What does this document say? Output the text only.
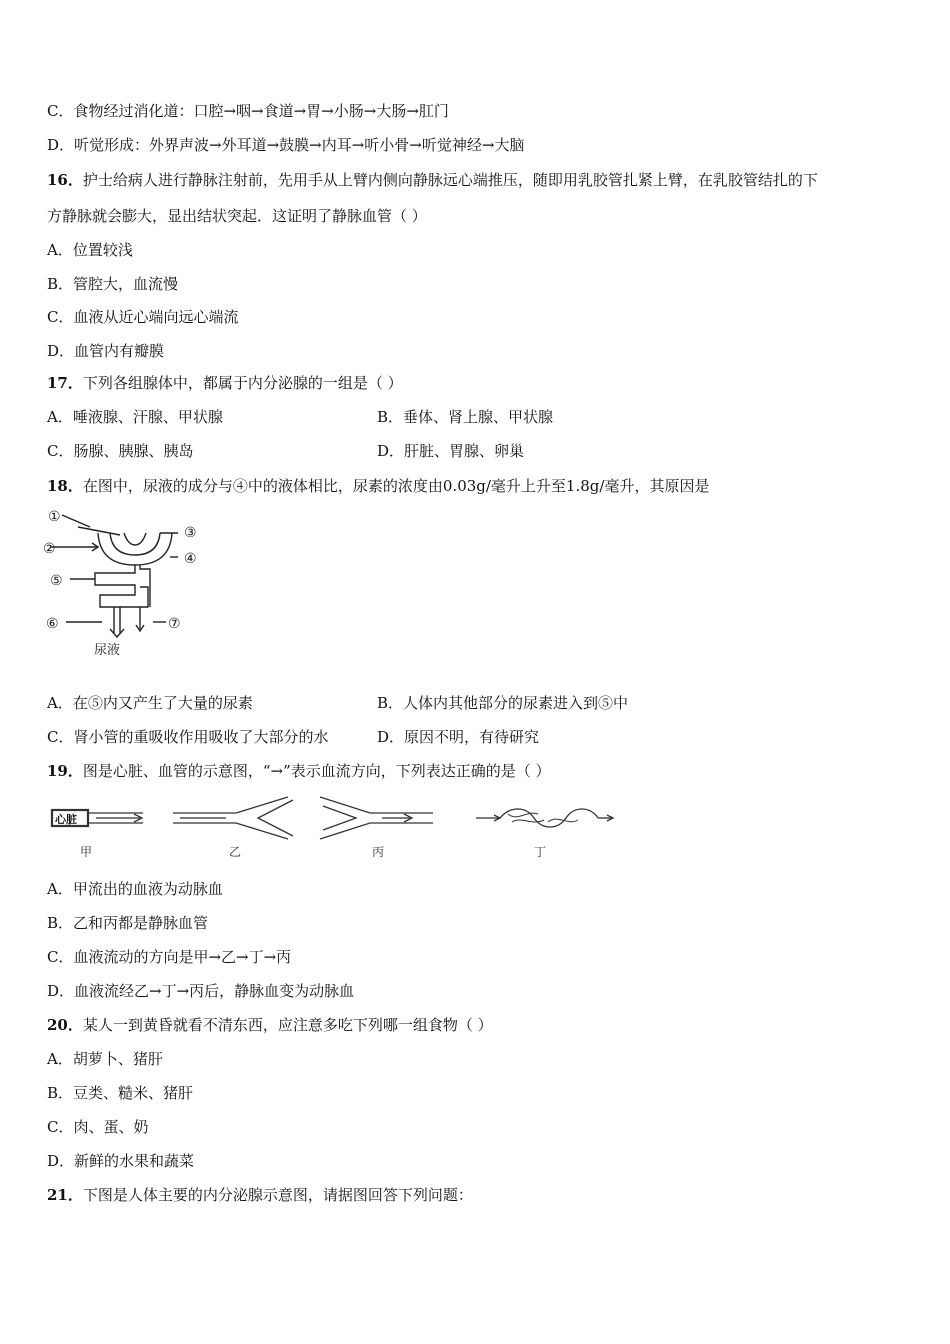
C．食物经过消化道：口腔→咽→食道→胃→小肠→大肠→肛门
D．听觉形成：外界声波→外耳道→鼓膜→内耳→听小骨→听觉神经→大脑
16．护士给病人进行静脉注射前，先用手从上臂内侧向静脉远心端推压，随即用乳胶管扎紧上臂，在乳胶管结扎的下
方静脉就会膨大，显出结状突起．这证明了静脉血管（ ）
A．位置较浅
B．管腔大，血流慢
C．血液从近心端向远心端流
D．血管内有瓣膜
17．下列各组腺体中，都属于内分泌腺的一组是（ ）
A．唾液腺、汗腺、甲状腺	B．垂体、肾上腺、甲状腺
C．肠腺、胰腺、胰岛	D．肝脏、胃腺、卵巢
18．在图中，尿液的成分与④中的液体相比，尿素的浓度由0.03g/毫升上升至1.8g/毫升，其原因是
①
②
③
④
⑤
⑥	⑦
尿液
A．在⑤内又产生了大量的尿素	B．人体内其他部分的尿素进入到⑤中
C．肾小管的重吸收作用吸收了大部分的水	D．原因不明，有待研究
19．图是心脏、血管的示意图，“→”表示血流方向，下列表达正确的是（ ）
心脏
甲	乙	丙	丁
A．甲流出的血液为动脉血
B．乙和丙都是静脉血管
C．血液流动的方向是甲→乙→丁→丙
D．血液流经乙→丁→丙后，静脉血变为动脉血
20．某人一到黄昏就看不清东西，应注意多吃下列哪一组食物（ ）
A．胡萝卜、猪肝
B．豆类、糙米、猪肝
C．肉、蛋、奶
D．新鲜的水果和蔬菜
21．下图是人体主要的内分泌腺示意图，请据图回答下列问题：
